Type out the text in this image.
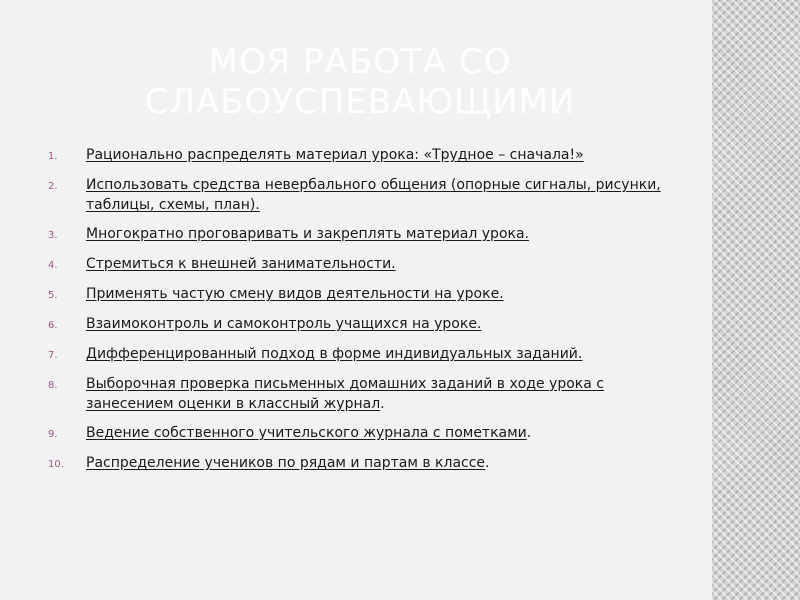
МОЯ РАБОТА СО СЛАБОУСПЕВАЮЩИМИ
1.	Рационально распределять материал урока: «Трудное – сначала!»
2.	Использовать средства невербального общения (опорные сигналы, рисунки, таблицы, схемы, план).
3.	Многократно проговаривать и закреплять материал урока.
4.	Стремиться к внешней занимательности.
5.	Применять частую смену видов деятельности на уроке.
6.	Взаимоконтроль и самоконтроль учащихся на уроке.
7.	Дифференцированный подход в форме индивидуальных заданий.
8.	Выборочная проверка письменных домашних заданий в ходе урока с занесением оценки в классный журнал.
9.	Ведение собственного учительского журнала с пометками.
10.	Распределение учеников по рядам и партам в классе.
